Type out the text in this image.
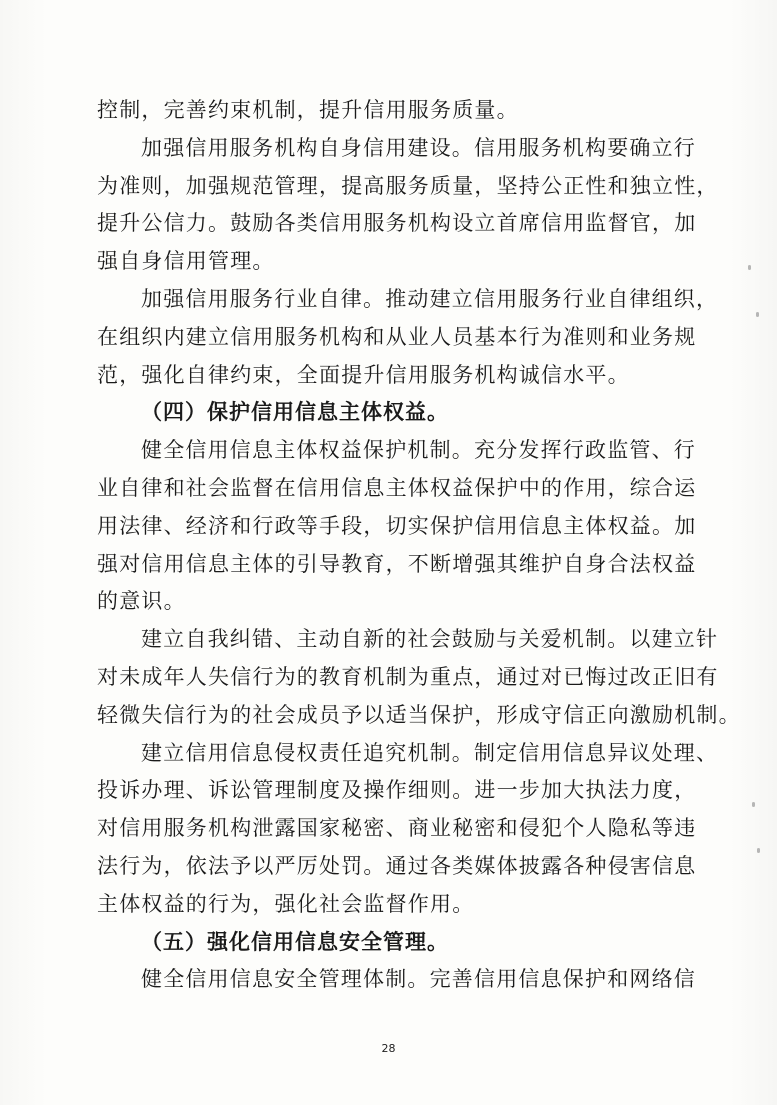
控制，完善约束机制，提升信用服务质量。
加强信用服务机构自身信用建设。信用服务机构要确立行
为准则，加强规范管理，提高服务质量，坚持公正性和独立性，
提升公信力。鼓励各类信用服务机构设立首席信用监督官，加
强自身信用管理。
加强信用服务行业自律。推动建立信用服务行业自律组织，
在组织内建立信用服务机构和从业人员基本行为准则和业务规
范，强化自律约束，全面提升信用服务机构诚信水平。
（四）保护信用信息主体权益。
健全信用信息主体权益保护机制。充分发挥行政监管、行
业自律和社会监督在信用信息主体权益保护中的作用，综合运
用法律、经济和行政等手段，切实保护信用信息主体权益。加
强对信用信息主体的引导教育，不断增强其维护自身合法权益
的意识。
建立自我纠错、主动自新的社会鼓励与关爱机制。以建立针
对未成年人失信行为的教育机制为重点，通过对已悔过改正旧有
轻微失信行为的社会成员予以适当保护，形成守信正向激励机制。
建立信用信息侵权责任追究机制。制定信用信息异议处理、
投诉办理、诉讼管理制度及操作细则。进一步加大执法力度，
对信用服务机构泄露国家秘密、商业秘密和侵犯个人隐私等违
法行为，依法予以严厉处罚。通过各类媒体披露各种侵害信息
主体权益的行为，强化社会监督作用。
（五）强化信用信息安全管理。
健全信用信息安全管理体制。完善信用信息保护和网络信
28
